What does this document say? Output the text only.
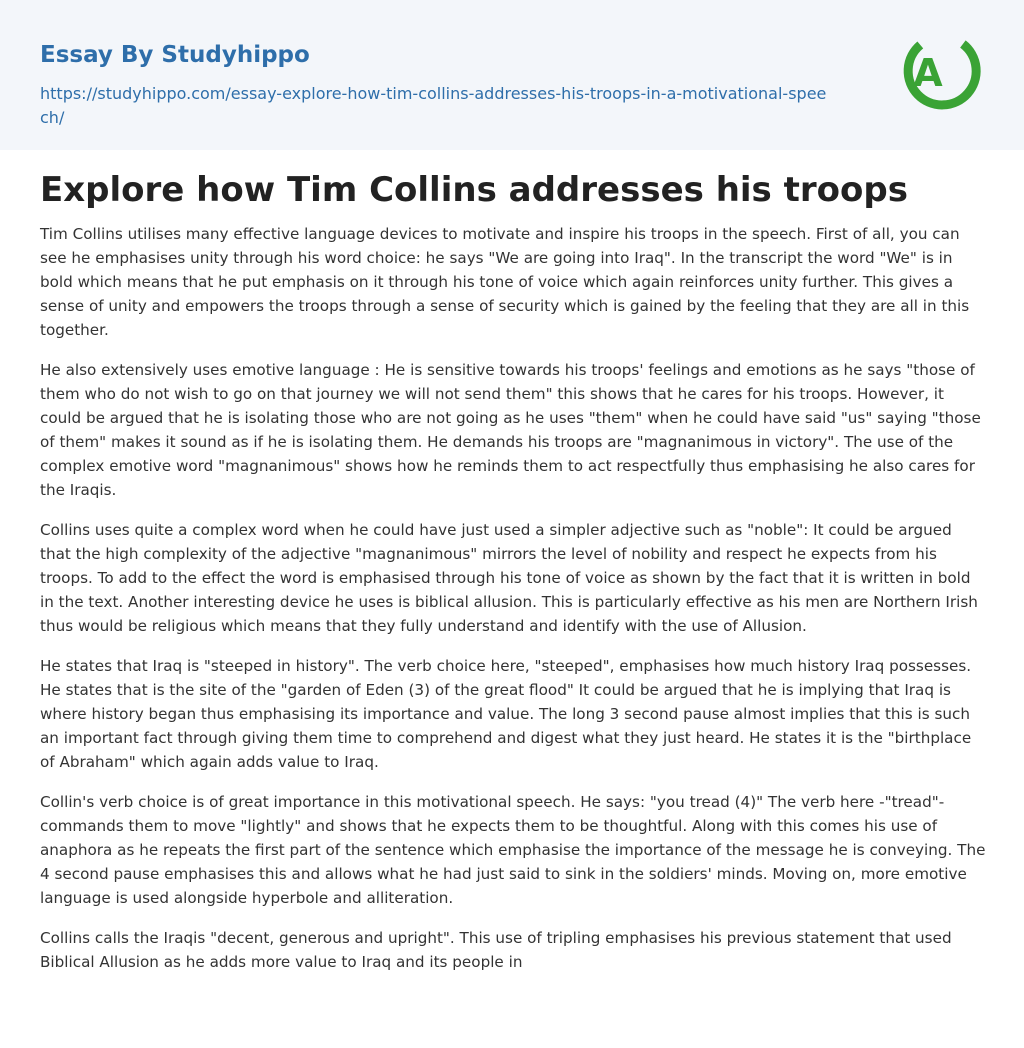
Essay By Studyhippo
https://studyhippo.com/essay-explore-how-tim-collins-addresses-his-troops-in-a-motivational-speech/
A
Explore how Tim Collins addresses his troops

Tim Collins utilises many effective language devices to motivate and inspire his troops in the speech. First of all, you can see he emphasises unity through his word choice: he says "We are going into Iraq". In the transcript the word "We" is in bold which means that he put emphasis on it through his tone of voice which again reinforces unity further. This gives a sense of unity and empowers the troops through a sense of security which is gained by the feeling that they are all in this together.

He also extensively uses emotive language : He is sensitive towards his troops' feelings and emotions as he says "those of them who do not wish to go on that journey we will not send them" this shows that he cares for his troops. However, it could be argued that he is isolating those who are not going as he uses "them" when he could have said "us" saying "those of them" makes it sound as if he is isolating them. He demands his troops are "magnanimous in victory". The use of the complex emotive word "magnanimous" shows how he reminds them to act respectfully thus emphasising he also cares for the Iraqis.

Collins uses quite a complex word when he could have just used a simpler adjective such as "noble": It could be argued that the high complexity of the adjective "magnanimous" mirrors the level of nobility and respect he expects from his troops. To add to the effect the word is emphasised through his tone of voice as shown by the fact that it is written in bold in the text. Another interesting device he uses is biblical allusion. This is particularly effective as his men are Northern Irish thus would be religious which means that they fully understand and identify with the use of Allusion.

He states that Iraq is "steeped in history". The verb choice here, "steeped", emphasises how much history Iraq possesses. He states that is the site of the "garden of Eden (3) of the great flood" It could be argued that he is implying that Iraq is where history began thus emphasising its importance and value. The long 3 second pause almost implies that this is such an important fact through giving them time to comprehend and digest what they just heard. He states it is the "birthplace of Abraham" which again adds value to Iraq.

Collin's verb choice is of great importance in this motivational speech. He says: "you tread (4)" The verb here -"tread"- commands them to move "lightly" and shows that he expects them to be thoughtful. Along with this comes his use of anaphora as he repeats the first part of the sentence which emphasise the importance of the message he is conveying. The 4 second pause emphasises this and allows what he had just said to sink in the soldiers' minds. Moving on, more emotive language is used alongside hyperbole and alliteration.

Collins calls the Iraqis "decent, generous and upright". This use of tripling emphasises his previous statement that used Biblical Allusion as he adds more value to Iraq and its people in
